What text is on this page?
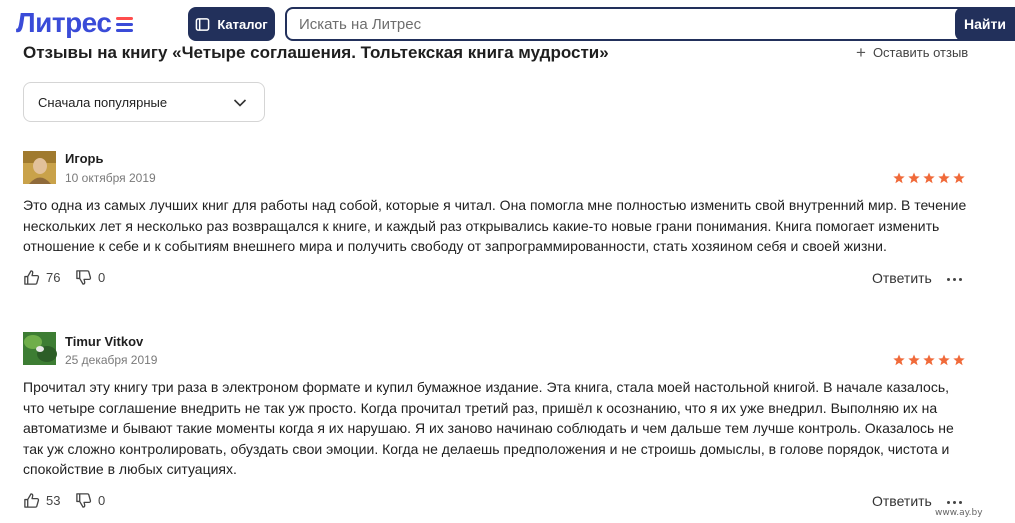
Литрес	Каталог
Искать на Литрес	Найти
Отзывы на книгу «Четыре соглашения. Тольтекская книга мудрости»	+ Оставить отзыв
Сначала популярные
Игорь
10 октября 2019
Это одна из самых лучших книг для работы над собой, которые я читал. Она помогла мне полностью изменить свой внутренний мир. В течение нескольких лет я несколько раз возвращался к книге, и каждый раз открывались какие-то новые грани понимания. Книга помогает изменить отношение к себе и к событиям внешнего мира и получить свободу от запрограммированности, стать хозяином себя и своей жизни.
76	0	Ответить
Timur Vitkov
25 декабря 2019
Прочитал эту книгу три раза в электроном формате и купил бумажное издание. Эта книга, стала моей настольной книгой. В начале казалось, что четыре соглашение внедрить не так уж просто. Когда прочитал третий раз, пришёл к осознанию, что я их уже внедрил. Выполняю их на автоматизме и бывают такие моменты когда я их нарушаю. Я их заново начинаю соблюдать и чем дальше тем лучше контроль. Оказалось не так уж сложно контролировать, обуздать свои эмоции. Когда не делаешь предположения и не строишь домыслы, в голове порядок, чистота и спокойствие в любых ситуациях.
53	0	Ответить
www.ay.by
